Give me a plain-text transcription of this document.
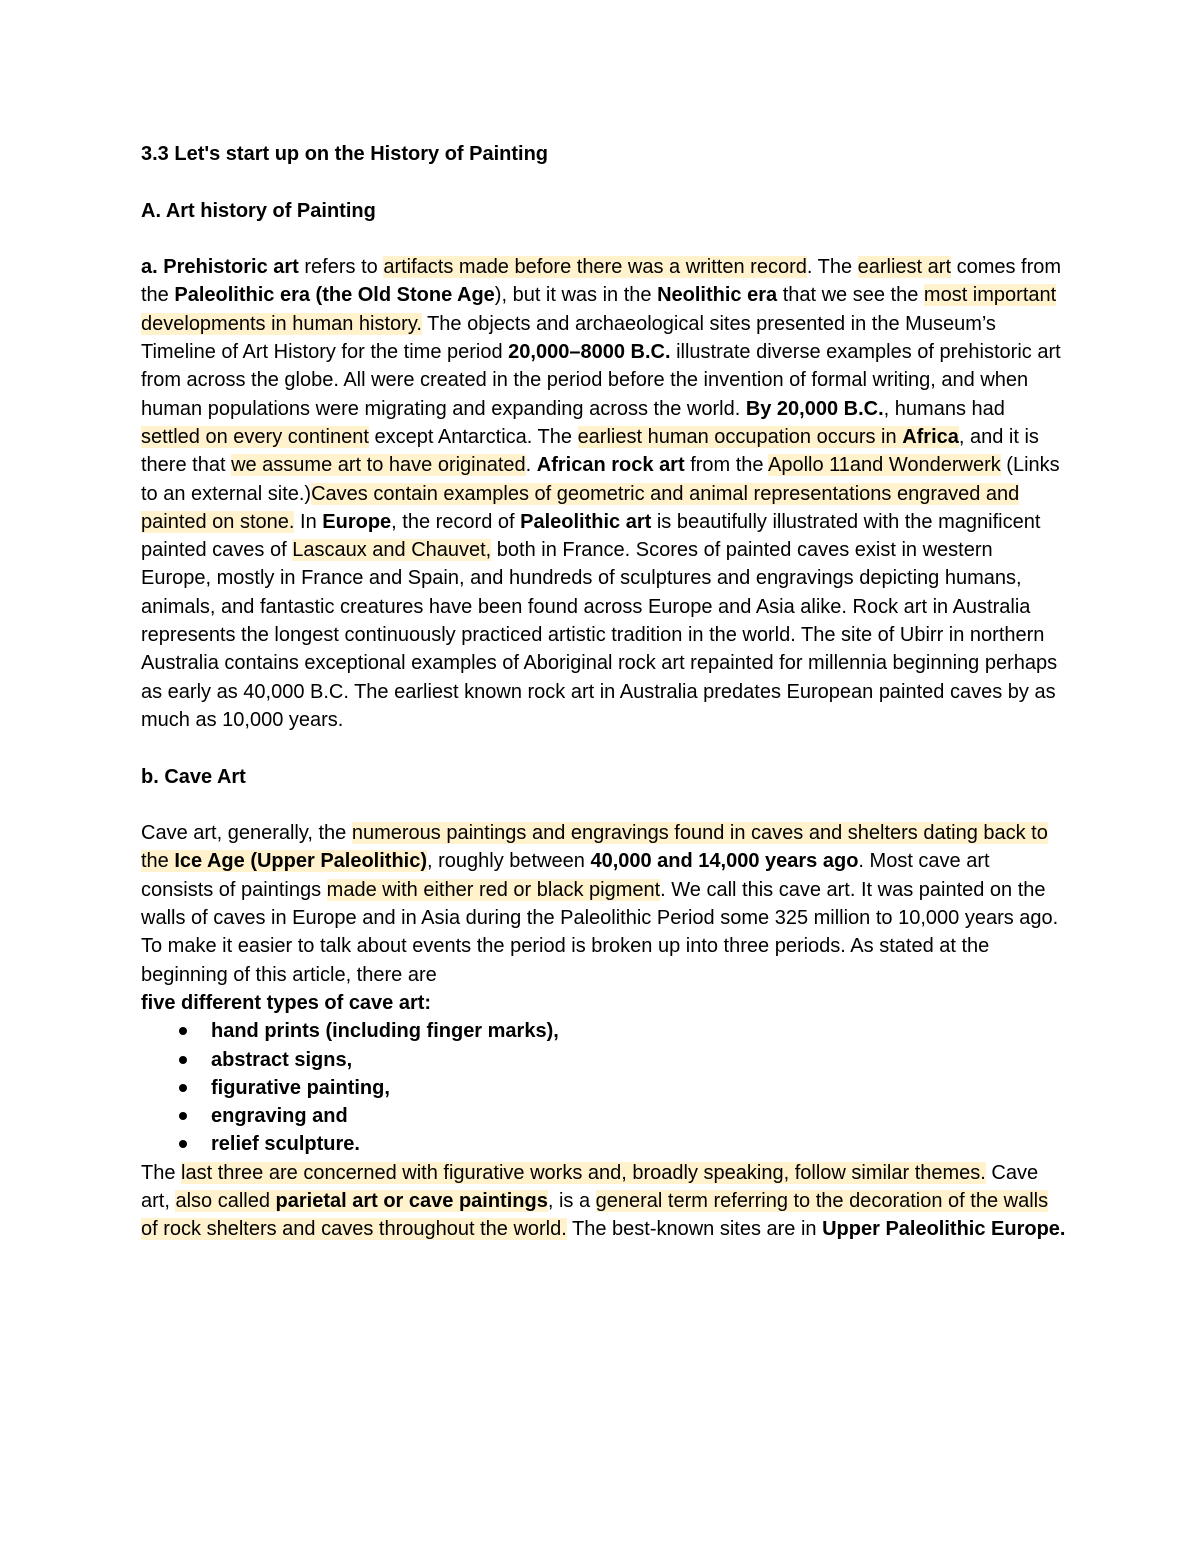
3.3 Let's start up on the History of Painting

A. Art history of Painting

a. Prehistoric art refers to artifacts made before there was a written record. The earliest art comes from the Paleolithic era (the Old Stone Age), but it was in the Neolithic era that we see the most important developments in human history. The objects and archaeological sites presented in the Museum’s Timeline of Art History for the time period 20,000–8000 B.C. illustrate diverse examples of prehistoric art from across the globe. All were created in the period before the invention of formal writing, and when human populations were migrating and expanding across the world. By 20,000 B.C., humans had settled on every continent except Antarctica. The earliest human occupation occurs in Africa, and it is there that we assume art to have originated. African rock art from the Apollo 11and Wonderwerk (Links to an external site.)Caves contain examples of geometric and animal representations engraved and painted on stone. In Europe, the record of Paleolithic art is beautifully illustrated with the magnificent painted caves of Lascaux and Chauvet, both in France. Scores of painted caves exist in western Europe, mostly in France and Spain, and hundreds of sculptures and engravings depicting humans, animals, and fantastic creatures have been found across Europe and Asia alike. Rock art in Australia represents the longest continuously practiced artistic tradition in the world. The site of Ubirr in northern Australia contains exceptional examples of Aboriginal rock art repainted for millennia beginning perhaps as early as 40,000 B.C. The earliest known rock art in Australia predates European painted caves by as much as 10,000 years.

b. Cave Art

Cave art, generally, the numerous paintings and engravings found in caves and shelters dating back to the Ice Age (Upper Paleolithic), roughly between 40,000 and 14,000 years ago. Most cave art consists of paintings made with either red or black pigment. We call this cave art. It was painted on the walls of caves in Europe and in Asia during the Paleolithic Period some 325 million to 10,000 years ago. To make it easier to talk about events the period is broken up into three periods. As stated at the beginning of this article, there are

five different types of cave art:

hand prints (including finger marks),
abstract signs,
figurative painting,
engraving and
relief sculpture.

The last three are concerned with figurative works and, broadly speaking, follow similar themes. Cave art, also called parietal art or cave paintings, is a general term referring to the decoration of the walls of rock shelters and caves throughout the world. The best-known sites are in Upper Paleolithic Europe.
